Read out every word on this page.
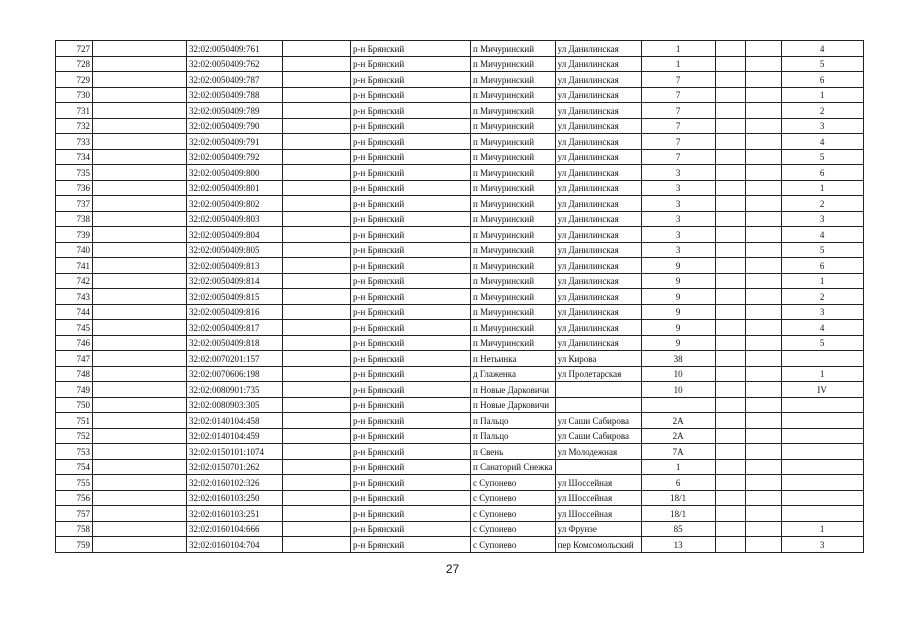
727		32:02:0050409:761		р-н Брянский	п Мичуринский	ул Данилинская	1			4
728		32:02:0050409:762		р-н Брянский	п Мичуринский	ул Данилинская	1			5
729		32:02:0050409:787		р-н Брянский	п Мичуринский	ул Данилинская	7			6
730		32:02:0050409:788		р-н Брянский	п Мичуринский	ул Данилинская	7			1
731		32:02:0050409:789		р-н Брянский	п Мичуринский	ул Данилинская	7			2
732		32:02:0050409:790		р-н Брянский	п Мичуринский	ул Данилинская	7			3
733		32:02:0050409:791		р-н Брянский	п Мичуринский	ул Данилинская	7			4
734		32:02:0050409:792		р-н Брянский	п Мичуринский	ул Данилинская	7			5
735		32:02:0050409:800		р-н Брянский	п Мичуринский	ул Данилинская	3			6
736		32:02:0050409:801		р-н Брянский	п Мичуринский	ул Данилинская	3			1
737		32:02:0050409:802		р-н Брянский	п Мичуринский	ул Данилинская	3			2
738		32:02:0050409:803		р-н Брянский	п Мичуринский	ул Данилинская	3			3
739		32:02:0050409:804		р-н Брянский	п Мичуринский	ул Данилинская	3			4
740		32:02:0050409:805		р-н Брянский	п Мичуринский	ул Данилинская	3			5
741		32:02:0050409:813		р-н Брянский	п Мичуринский	ул Данилинская	9			6
742		32:02:0050409:814		р-н Брянский	п Мичуринский	ул Данилинская	9			1
743		32:02:0050409:815		р-н Брянский	п Мичуринский	ул Данилинская	9			2
744		32:02:0050409:816		р-н Брянский	п Мичуринский	ул Данилинская	9			3
745		32:02:0050409:817		р-н Брянский	п Мичуринский	ул Данилинская	9			4
746		32:02:0050409:818		р-н Брянский	п Мичуринский	ул Данилинская	9			5
747		32:02:0070201:157		р-н Брянский	п Нетьинка	ул Кирова	38			
748		32:02:0070606:198		р-н Брянский	д Глаженка	ул Пролетарская	10			1
749		32:02:0080901:735		р-н Брянский	п Новые Дарковичи		10			IV
750		32:02:0080903:305		р-н Брянский	п Новые Дарковичи					
751		32:02:0140104:458		р-н Брянский	п Пальцо	ул Саши Сабирова	2А			
752		32:02:0140104:459		р-н Брянский	п Пальцо	ул Саши Сабирова	2А			
753		32:02:0150101:1074		р-н Брянский	п Свень	ул Молодежная	7А			
754		32:02:0150701:262		р-н Брянский	п Санаторий Снежка		1			
755		32:02:0160102:326		р-н Брянский	с Супонево	ул Шоссейная	6			
756		32:02:0160103:250		р-н Брянский	с Супонево	ул Шоссейная	18/1			
757		32:02:0160103:251		р-н Брянский	с Супонево	ул Шоссейная	18/1			
758		32:02:0160104:666		р-н Брянский	с Супонево	ул Фрунзе	85			1
759		32:02:0160104:704		р-н Брянский	с Супонево	пер Комсомольский	13			3
27
